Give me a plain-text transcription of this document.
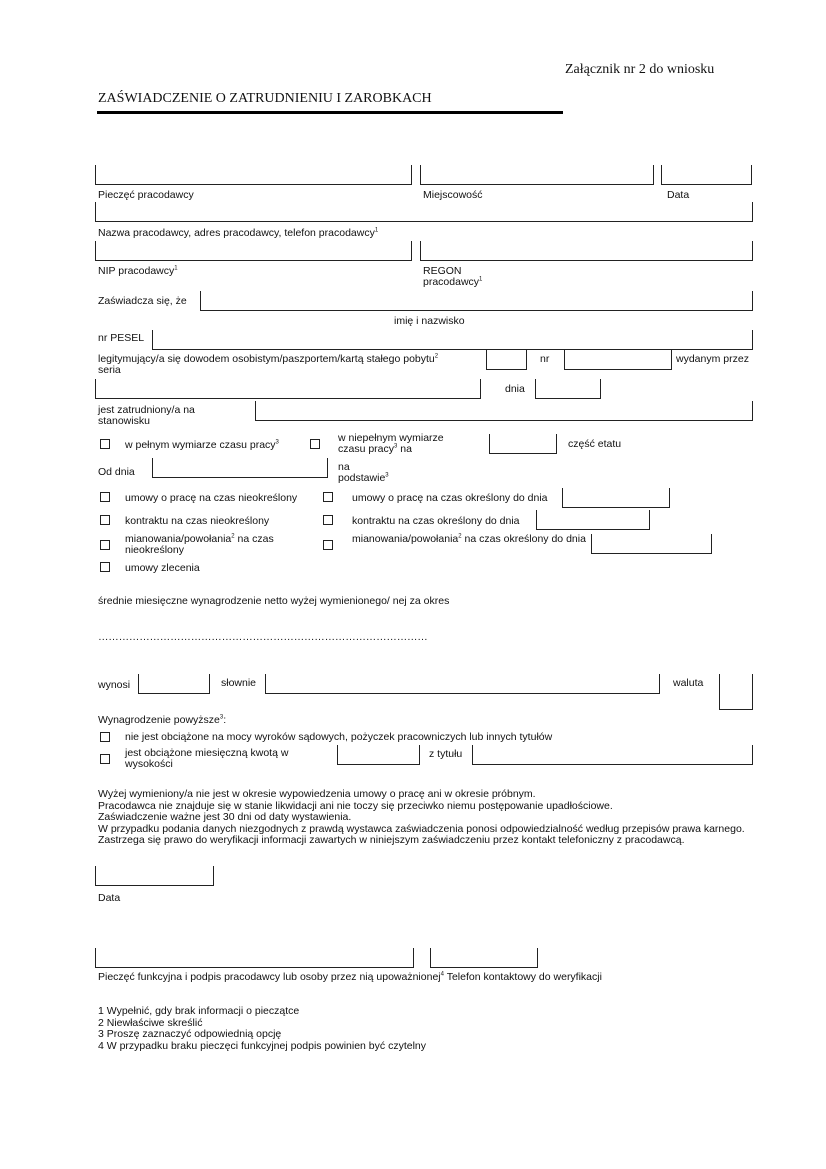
Załącznik nr 2 do wniosku
ZAŚWIADCZENIE O ZATRUDNIENIU I ZAROBKACH
Pieczęć pracodawcy	Miejscowość	Data
Nazwa pracodawcy, adres pracodawcy, telefon pracodawcy$^1$
NIP pracodawcy$^1$	REGON pracodawcy$^1$
Zaświadcza się, że
imię i nazwisko
nr PESEL
legitymujący/a się dowodem osobistym/paszportem/kartą stałego pobytu$^2$
seria
nr	wydanym przez
dnia
jest zatrudniony/a na stanowisku
w pełnym wymiarze czasu pracy$^3$	w niepełnym wymiarze czasu pracy$^3$ na	część etatu
Od dnia	na podstawie$^3$
umowy o pracę na czas nieokreślony	umowy o pracę na czas określony do dnia
kontraktu na czas nieokreślony	kontraktu na czas określony do dnia
mianowania/powołania$^2$ na czas nieokreślony
mianowania/powołania$^2$ na czas określony do dnia
umowy zlecenia
średnie miesięczne wynagrodzenie netto wyżej wymienionego/ nej za okres
……………………………………………………………………………………
wynosi	słownie	waluta
Wynagrodzenie powyższe$^3$:
nie jest obciążone na mocy wyroków sądowych, pożyczek pracowniczych lub innych tytułów
jest obciążone miesięczną kwotą w wysokości
z tytułu
Wyżej wymieniony/a nie jest w okresie wypowiedzenia umowy o pracę ani w okresie próbnym.
Pracodawca nie znajduje się w stanie likwidacji ani nie toczy się przeciwko niemu postępowanie upadłościowe.
Zaświadczenie ważne jest 30 dni od daty wystawienia.
W przypadku podania danych niezgodnych z prawdą wystawca zaświadczenia ponosi odpowiedzialność według przepisów prawa karnego.
Zastrzega się prawo do weryfikacji informacji zawartych w niniejszym zaświadczeniu przez kontakt telefoniczny z pracodawcą.
Data
Pieczęć funkcyjna i podpis pracodawcy lub osoby przez nią upoważnionej$^4$ Telefon kontaktowy do weryfikacji
1 Wypełnić, gdy brak informacji o pieczątce
2 Niewłaściwe skreślić
3 Proszę zaznaczyć odpowiednią opcję
4 W przypadku braku pieczęci funkcyjnej podpis powinien być czytelny
